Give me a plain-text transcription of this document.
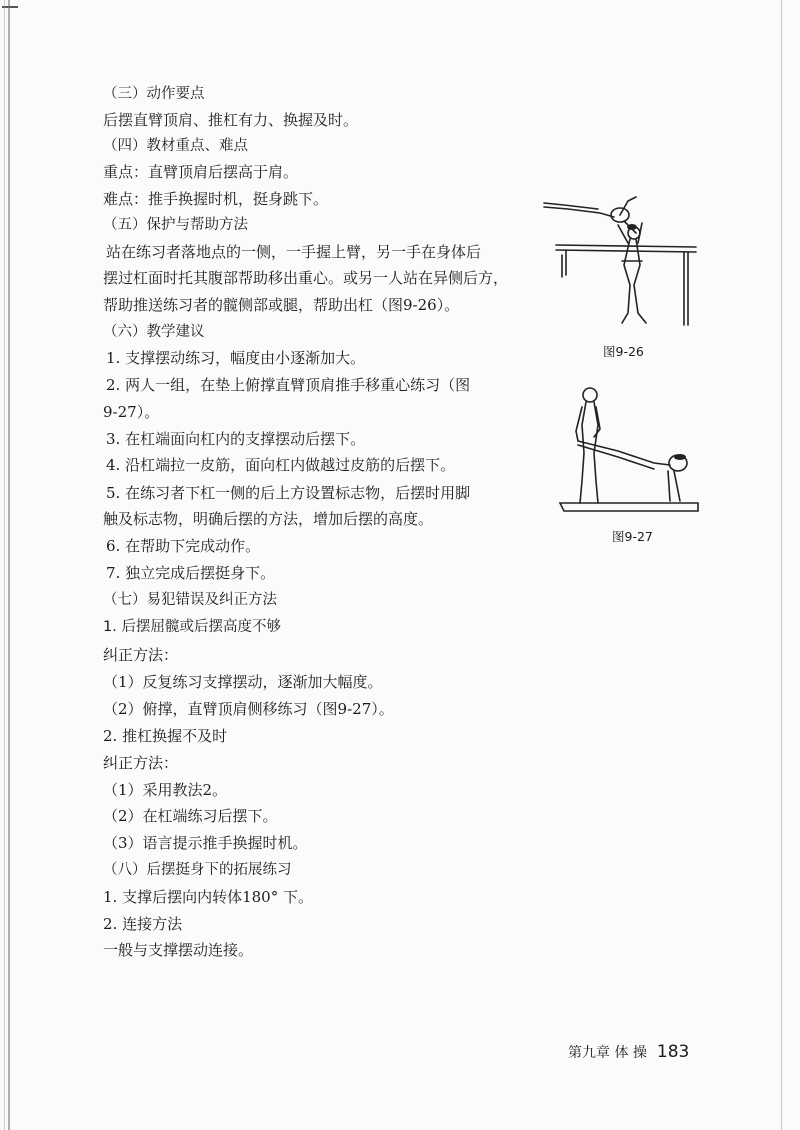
（三）动作要点
后摆直臂顶肩、推杠有力、换握及时。
（四）教材重点、难点
重点：直臂顶肩后摆高于肩。
难点：推手换握时机，挺身跳下。
（五）保护与帮助方法
站在练习者落地点的一侧，一手握上臂，另一手在身体后
摆过杠面时托其腹部帮助移出重心。或另一人站在异侧后方，
帮助推送练习者的髋侧部或腿，帮助出杠（图9-26）。
（六）教学建议
1. 支撑摆动练习，幅度由小逐渐加大。
2. 两人一组，在垫上俯撑直臂顶肩推手移重心练习（图
9-27）。
3. 在杠端面向杠内的支撑摆动后摆下。
4. 沿杠端拉一皮筋，面向杠内做越过皮筋的后摆下。
5. 在练习者下杠一侧的后上方设置标志物，后摆时用脚
触及标志物，明确后摆的方法，增加后摆的高度。
6. 在帮助下完成动作。
7. 独立完成后摆挺身下。
（七）易犯错误及纠正方法
1. 后摆屈髋或后摆高度不够
纠正方法：
（1）反复练习支撑摆动，逐渐加大幅度。
（2）俯撑，直臂顶肩侧移练习（图9-27）。
2. 推杠换握不及时
纠正方法：
（1）采用教法2。
（2）在杠端练习后摆下。
（3）语言提示推手换握时机。
（八）后摆挺身下的拓展练习
1. 支撑后摆向内转体180° 下。
2. 连接方法
一般与支撑摆动连接。
图9-26
图9-27
第九章 体 操 183
